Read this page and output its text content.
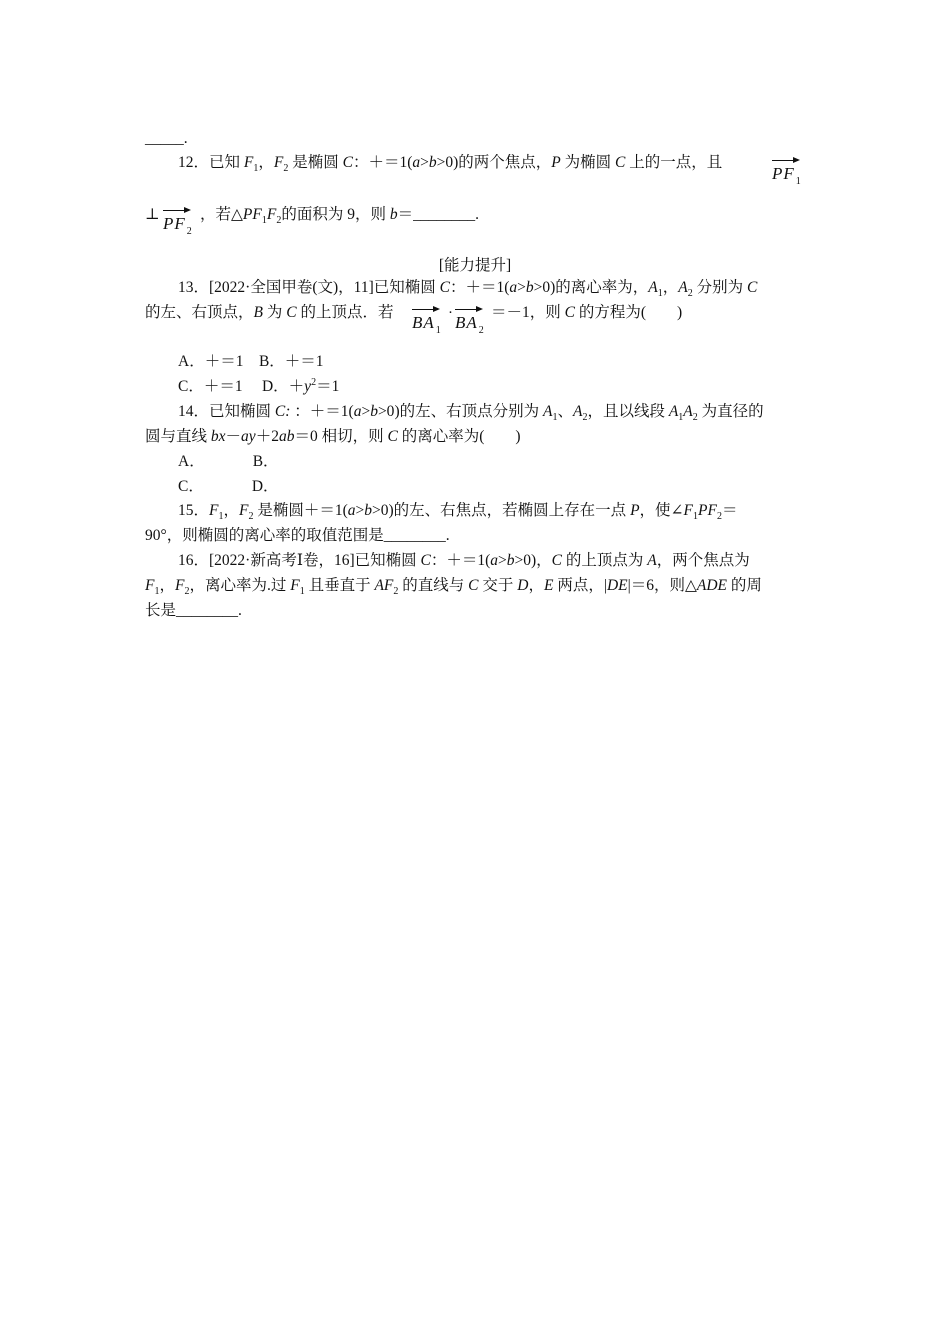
_____.
12．已知 $F_1$，$F_2$ 是椭圆 C：＋＝1(a>b>0)的两个焦点，P 为椭圆 C 上的一点，且
$PF_1$
⊥ $PF_2$
，若$\triangle PF_1F_2$的面积为 9，则 b＝________.
[能力提升]
13．[2022·全国甲卷(文)，11]已知椭圆 C：＋＝1(a>b>0)的离心率为，$A_1$，$A_2$ 分别为 C
的左、右顶点，B 为 C 的上顶点．若
$BA_1$
· $BA_2$
＝－1，则 C 的方程为(　　)
A．＋＝1　B．＋＝1
C．＋＝1　 D．$+y^2=1$
14．已知椭圆 C: ：＋＝1(a>b>0)的左、右顶点分别为 $A_1$、$A_2$，且以线段 $A_1A_2$ 为直径的
圆与直线 bx－ay＋2ab＝0 相切，则 C 的离心率为(　　)
A．	B．
C．	D．
15．$F_1$，$F_2$ 是椭圆＋＝1(a>b>0)的左、右焦点，若椭圆上存在一点 P，使$\angle F_1PF_2=$
90°，则椭圆的离心率的取值范围是________.
16．[2022·新高考Ⅰ卷，16]已知椭圆 C：＋＝1(a>b>0)，C 的上顶点为 A，两个焦点为
$F_1$，$F_2$，离心率为.过 $F_1$ 且垂直于 $AF_2$ 的直线与 C 交于 D，E 两点，|DE|＝6，则△ADE 的周
长是________.
